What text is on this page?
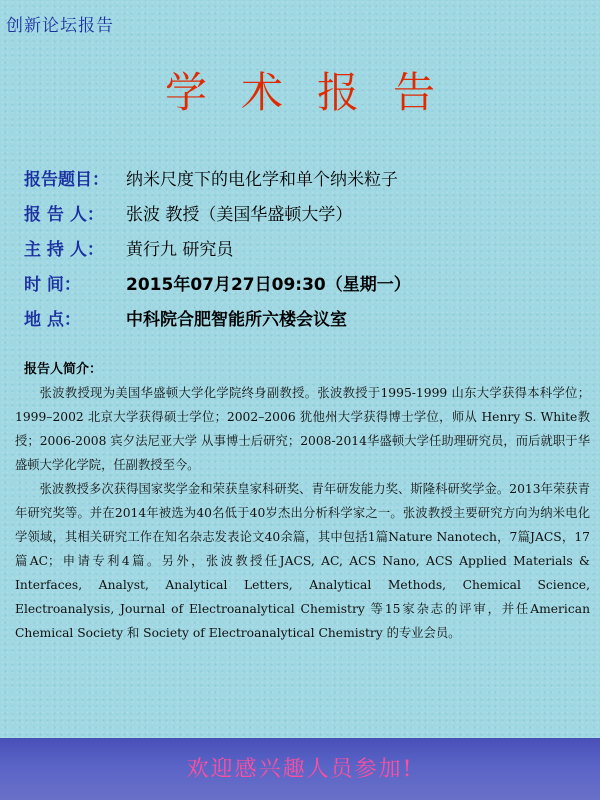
创新论坛报告
学术报告
报告题目：	纳米尺度下的电化学和单个纳米粒子
报 告 人：	张波 教授（美国华盛顿大学）
主 持 人：	黄行九 研究员
时 间：	2015年07月27日09:30（星期一）
地 点：	中科院合肥智能所六楼会议室
报告人简介：

张波教授现为美国华盛顿大学化学院终身副教授。张波教授于1995-1999 山东大学获得本科学位；1999–2002 北京大学获得硕士学位；2002–2006 犹他州大学获得博士学位，师从 Henry S. White教授；2006-2008 宾夕法尼亚大学 从事博士后研究；2008-2014华盛顿大学任助理研究员，而后就职于华盛顿大学化学院，任副教授至今。

张波教授多次获得国家奖学金和荣获皇家科研奖、青年研发能力奖、斯隆科研奖学金。2013年荣获青年研究奖等。并在2014年被选为40名低于40岁杰出分析科学家之一。张波教授主要研究方向为纳米电化学领域，其相关研究工作在知名杂志发表论文40余篇，其中包括1篇Nature Nanotech，7篇JACS，17篇AC；申请专利4篇。另外，张波教授任JACS, AC, ACS Nano, ACS Applied Materials & Interfaces, Analyst, Analytical Letters, Analytical Methods, Chemical Science, Electroanalysis, Journal of Electroanalytical Chemistry 等15家杂志的评审，并任American Chemical Society 和 Society of Electroanalytical Chemistry 的专业会员。

欢迎感兴趣人员参加!
